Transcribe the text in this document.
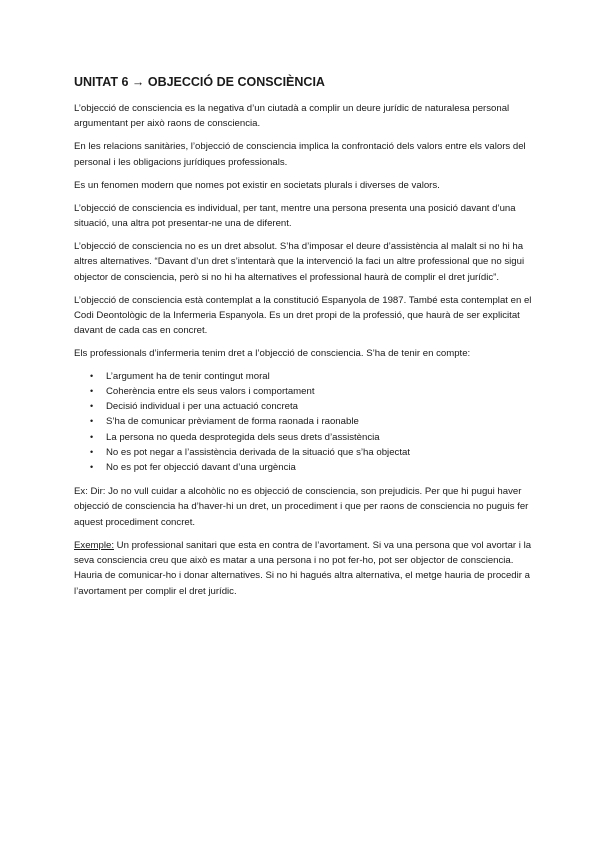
UNITAT 6 → OBJECCIÓ DE CONSCIÈNCIA

L’objecció de consciencia es la negativa d’un ciutadà a complir un deure jurídic de naturalesa personal argumentant per això raons de consciencia.

En les relacions sanitàries, l’objecció de consciencia implica la confrontació dels valors entre els valors del personal i les obligacions jurídiques professionals.

Es un fenomen modern que nomes pot existir en societats plurals i diverses de valors.

L’objecció de consciencia es individual, per tant, mentre una persona presenta una posició davant d’una situació, una altra pot presentar-ne una de diferent.

L’objecció de consciencia no es un dret absolut. S’ha d’imposar el deure d’assistència al malalt si no hi ha altres alternatives. “Davant d’un dret s’intentarà que la intervenció la faci un altre professional que no sigui objector de consciencia, però si no hi ha alternatives el professional haurà de complir el dret jurídic”.

L’objecció de consciencia està contemplat a la constitució Espanyola de 1987. També esta contemplat en el Codi Deontològic de la Infermeria Espanyola. Es un dret propi de la professió, que haurà de ser explicitat davant de cada cas en concret.

Els professionals d’infermeria tenim dret a l’objecció de consciencia. S’ha de tenir en compte:

• L’argument ha de tenir contingut moral
• Coherència entre els seus valors i comportament
• Decisió individual i per una actuació concreta
• S’ha de comunicar prèviament de forma raonada i raonable
• La persona no queda desprotegida dels seus drets d’assistència
• No es pot negar a l’assistència derivada de la situació que s’ha objectat
• No es pot fer objecció davant d’una urgència

Ex: Dir: Jo no vull cuidar a alcohòlic no es objecció de consciencia, son prejudicis. Per que hi pugui haver objecció de consciencia ha d’haver-hi un dret, un procediment i que per raons de consciencia no puguis fer aquest procediment concret.

Exemple: Un professional sanitari que esta en contra de l’avortament. Si va una persona que vol avortar i la seva consciencia creu que això es matar a una persona i no pot fer-ho, pot ser objector de consciencia. Hauria de comunicar-ho i donar alternatives. Si no hi hagués altra alternativa, el metge hauria de procedir a l’avortament per complir el dret jurídic.
